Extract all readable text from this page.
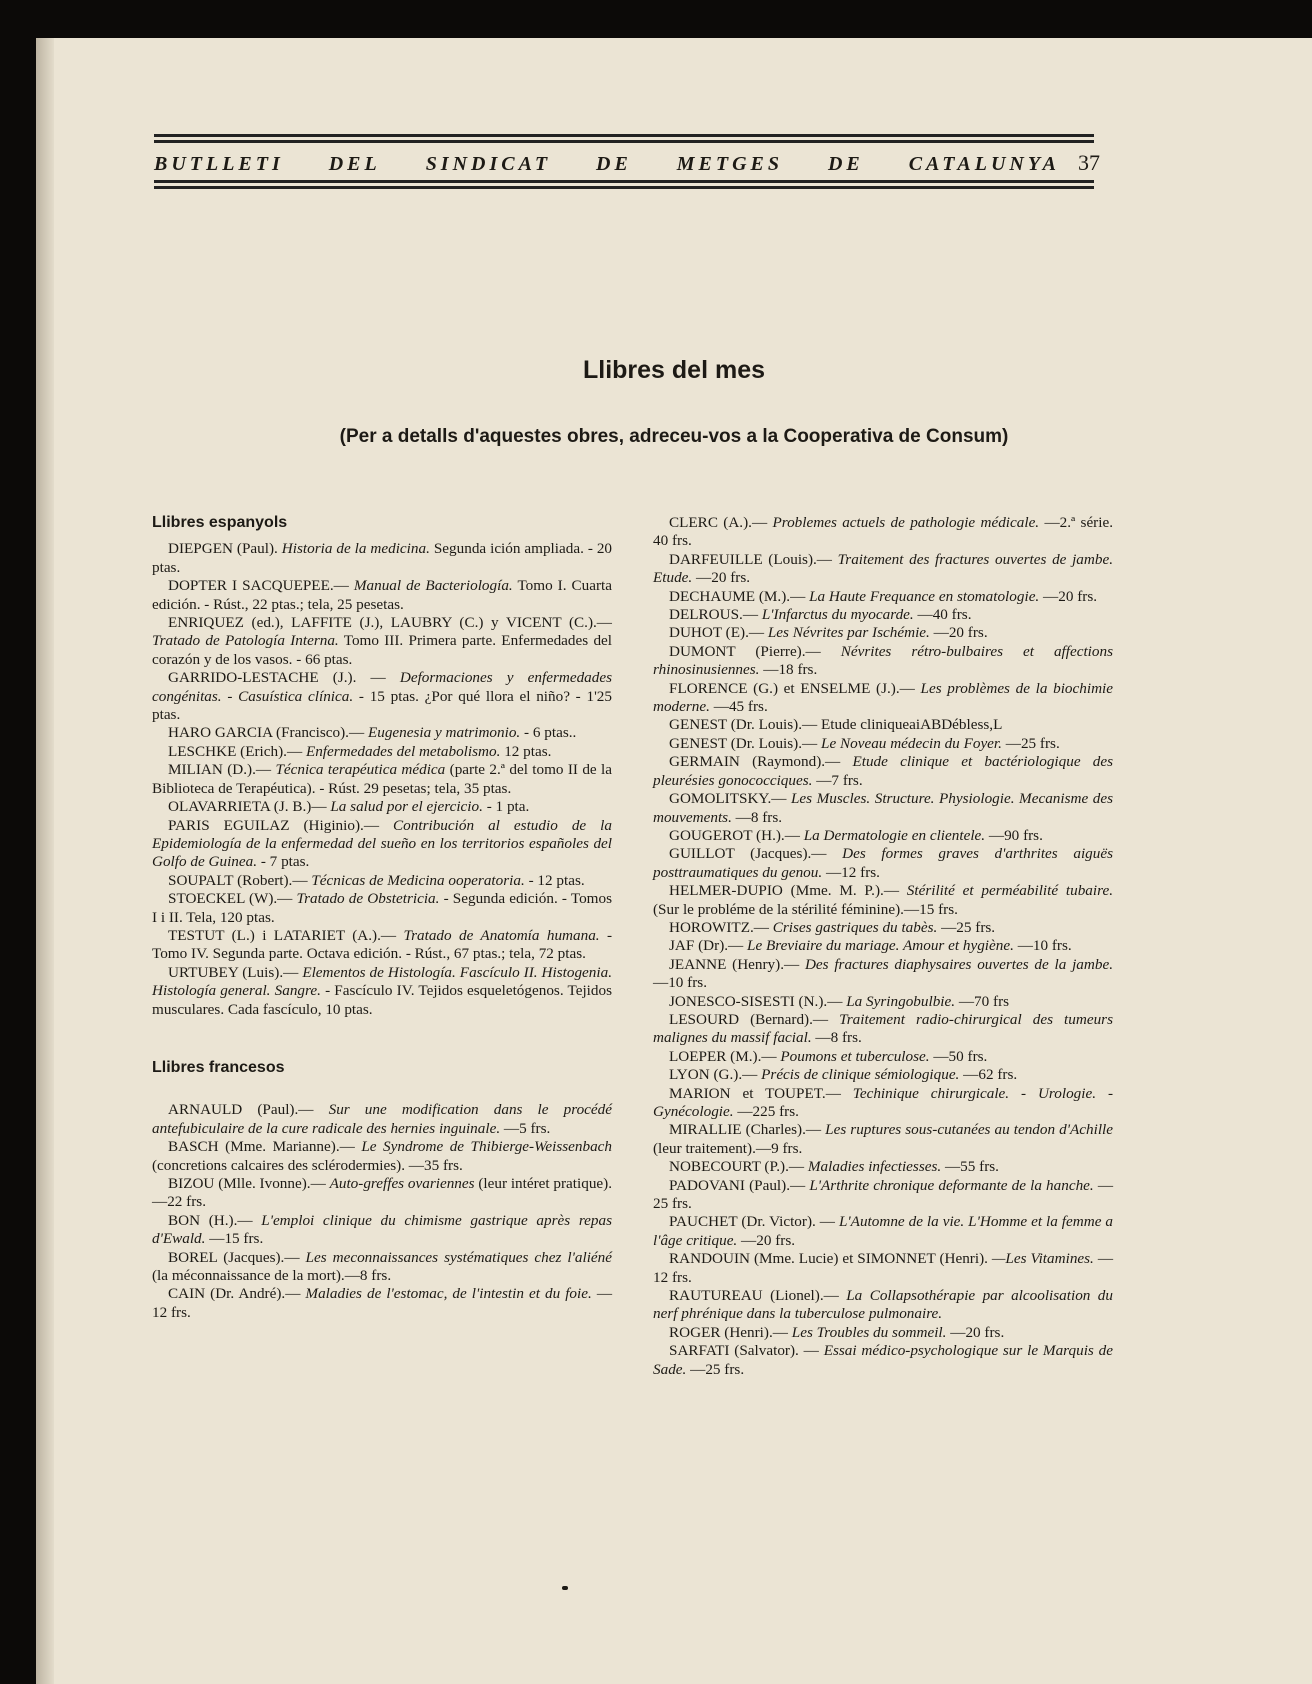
BUTLLETI DEL SINDICAT DE METGES DE CATALUNYA 37
Llibres del mes
(Per a detalls d'aquestes obres, adreceu-vos a la Cooperativa de Consum)
Llibres espanyols

DIEPGEN (Paul). Historia de la medicina. Segunda ición ampliada. - 20 ptas.

DOPTER I SACQUEPEE.— Manual de Bacteriología. Tomo I. Cuarta edición. - Rúst., 22 ptas.; tela, 25 pesetas.

ENRIQUEZ (ed.), LAFFITE (J.), LAUBRY (C.) y VICENT (C.).— Tratado de Patología Interna. Tomo III. Primera parte. Enfermedades del corazón y de los vasos. - 66 ptas.

GARRIDO-LESTACHE (J.). — Deformaciones y enfermedades congénitas. - Casuística clínica. - 15 ptas. ¿Por qué llora el niño? - 1'25 ptas.

HARO GARCIA (Francisco).— Eugenesia y matrimonio. - 6 ptas..

LESCHKE (Erich).— Enfermedades del metabolismo. 12 ptas.

MILIAN (D.).— Técnica terapéutica médica (parte 2.ª del tomo II de la Biblioteca de Terapéutica). - Rúst. 29 pesetas; tela, 35 ptas.

OLAVARRIETA (J. B.)— La salud por el ejercicio. - 1 pta.

PARIS EGUILAZ (Higinio).— Contribución al estudio de la Epidemiología de la enfermedad del sueño en los territorios españoles del Golfo de Guinea. - 7 ptas.

SOUPALT (Robert).— Técnicas de Medicina ooperatoria. - 12 ptas.

STOECKEL (W).— Tratado de Obstetricia. - Segunda edición. - Tomos I i II. Tela, 120 ptas.

TESTUT (L.) i LATARIET (A.).— Tratado de Anatomía humana. - Tomo IV. Segunda parte. Octava edición. - Rúst., 67 ptas.; tela, 72 ptas.

URTUBEY (Luis).— Elementos de Histología. Fascículo II. Histogenia. Histología general. Sangre. - Fascículo IV. Tejidos esqueletógenos. Tejidos musculares. Cada fascículo, 10 ptas.

Llibres francesos

ARNAULD (Paul).— Sur une modification dans le procédé antefubiculaire de la cure radicale des hernies inguinale. —5 frs.

BASCH (Mme. Marianne).— Le Syndrome de Thibierge-Weissenbach (concretions calcaires des sclérodermies). —35 frs.

BIZOU (Mlle. Ivonne).— Auto-greffes ovariennes (leur intéret pratique).—22 frs.

BON (H.).— L'emploi clinique du chimisme gastrique après repas d'Ewald. —15 frs.

BOREL (Jacques).— Les meconnaissances systématiques chez l'aliéné (la méconnaissance de la mort).—8 frs.

CAIN (Dr. André).— Maladies de l'estomac, de l'intestin et du foie. —12 frs.

CLERC (A.).— Problemes actuels de pathologie médicale. —2.ª série. 40 frs.

DARFEUILLE (Louis).— Traitement des fractures ouvertes de jambe. Etude. —20 frs.

DECHAUME (M.).— La Haute Frequance en stomatologie. —20 frs.

DELROUS.— L'Infarctus du myocarde. —40 frs.

DUHOT (E).— Les Névrites par Ischémie. —20 frs.

DUMONT (Pierre).— Névrites rétro-bulbaires et affections rhinosinusiennes. —18 frs.

FLORENCE (G.) et ENSELME (J.).— Les problèmes de la biochimie moderne. —45 frs.

GENEST (Dr. Louis).— Etude cliniqueaiABDébless,L

GENEST (Dr. Louis).— Le Noveau médecin du Foyer. —25 frs.

GERMAIN (Raymond).— Etude clinique et bactériologique des pleurésies gonococciques. —7 frs.

GOMOLITSKY.— Les Muscles. Structure. Physiologie. Mecanisme des mouvements. —8 frs.

GOUGEROT (H.).— La Dermatologie en clientele. —90 frs.

GUILLOT (Jacques).— Des formes graves d'arthrites aiguës posttraumatiques du genou. —12 frs.

HELMER-DUPIO (Mme. M. P.).— Stérilité et perméabilité tubaire. (Sur le probléme de la stérilité féminine).—15 frs.

HOROWITZ.— Crises gastriques du tabès. —25 frs.

JAF (Dr).— Le Breviaire du mariage. Amour et hygiène. —10 frs.

JEANNE (Henry).— Des fractures diaphysaires ouvertes de la jambe. —10 frs.

JONESCO-SISESTI (N.).— La Syringobulbie. —70 frs

LESOURD (Bernard).— Traitement radio-chirurgical des tumeurs malignes du massif facial. —8 frs.

LOEPER (M.).— Poumons et tuberculose. —50 frs.

LYON (G.).— Précis de clinique sémiologique. —62 frs.

MARION et TOUPET.— Techinique chirurgicale. - Urologie. - Gynécologie. —225 frs.

MIRALLIE (Charles).— Les ruptures sous-cutanées au tendon d'Achille (leur traitement).—9 frs.

NOBECOURT (P.).— Maladies infectiesses. —55 frs.

PADOVANI (Paul).— L'Arthrite chronique deformante de la hanche. —25 frs.

PAUCHET (Dr. Victor). — L'Automne de la vie. L'Homme et la femme a l'âge critique. —20 frs.

RANDOUIN (Mme. Lucie) et SIMONNET (Henri). —Les Vitamines. —12 frs.

RAUTUREAU (Lionel).— La Collapsothérapie par alcoolisation du nerf phrénique dans la tuberculose pulmonaire.

ROGER (Henri).— Les Troubles du sommeil. —20 frs.

SARFATI (Salvator). — Essai médico-psychologique sur le Marquis de Sade. —25 frs.
